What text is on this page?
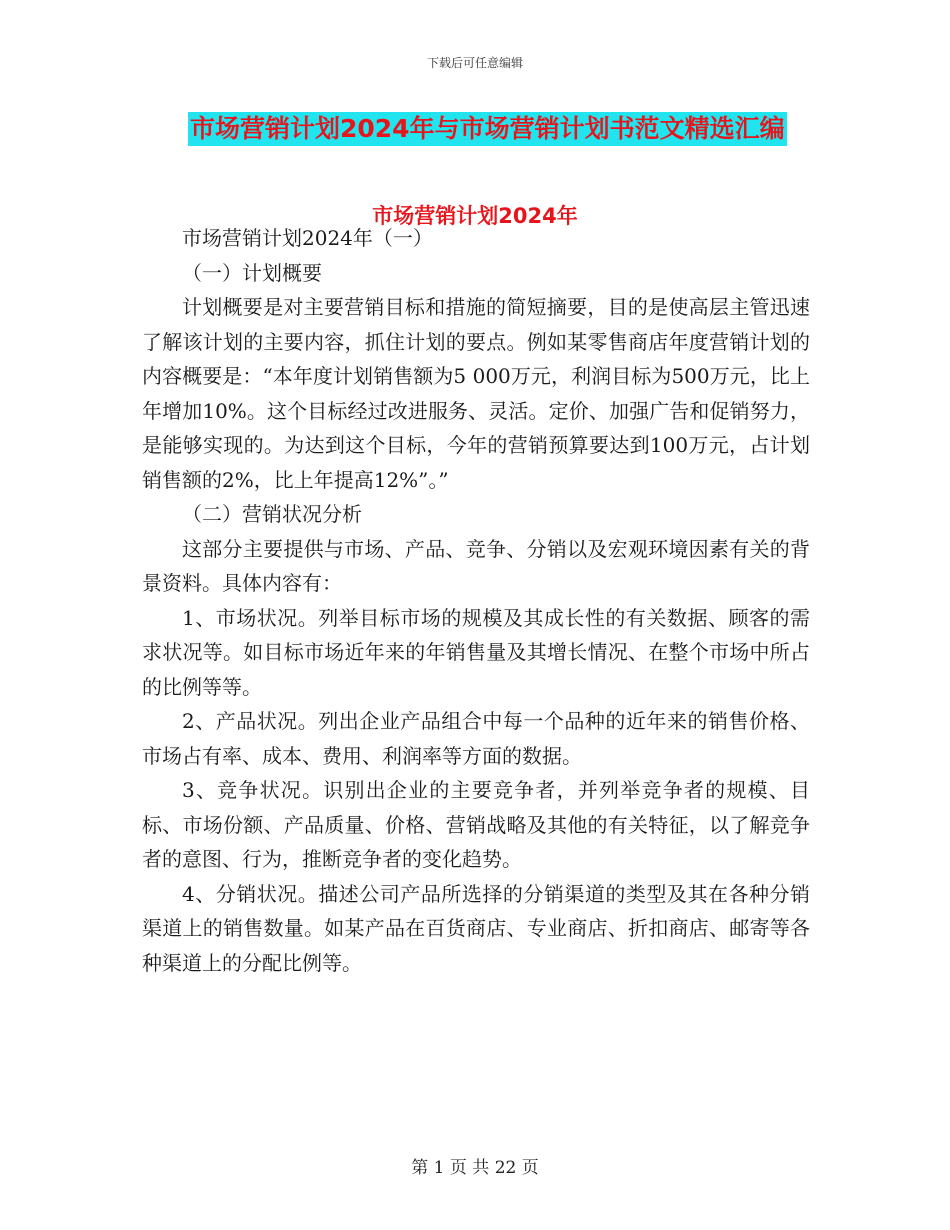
下载后可任意编辑
市场营销计划2024年与市场营销计划书范文精选汇编
市场营销计划2024年

市场营销计划2024年（一）

（一）计划概要

计划概要是对主要营销目标和措施的简短摘要，目的是使高层主管迅速了解该计划的主要内容，抓住计划的要点。例如某零售商店年度营销计划的内容概要是：“本年度计划销售额为5 000万元，利润目标为500万元，比上年增加10%。这个目标经过改进服务、灵活。定价、加强广告和促销努力，是能够实现的。为达到这个目标，今年的营销预算要达到100万元，占计划销售额的2%，比上年提高12%”。”

（二）营销状况分析

这部分主要提供与市场、产品、竞争、分销以及宏观环境因素有关的背景资料。具体内容有：

1、市场状况。列举目标市场的规模及其成长性的有关数据、顾客的需求状况等。如目标市场近年来的年销售量及其增长情况、在整个市场中所占的比例等等。

2、产品状况。列出企业产品组合中每一个品种的近年来的销售价格、市场占有率、成本、费用、利润率等方面的数据。

3、竞争状况。识别出企业的主要竞争者，并列举竞争者的规模、目标、市场份额、产品质量、价格、营销战略及其他的有关特征，以了解竞争者的意图、行为，推断竞争者的变化趋势。

4、分销状况。描述公司产品所选择的分销渠道的类型及其在各种分销渠道上的销售数量。如某产品在百货商店、专业商店、折扣商店、邮寄等各种渠道上的分配比例等。

第 1 页 共 22 页
